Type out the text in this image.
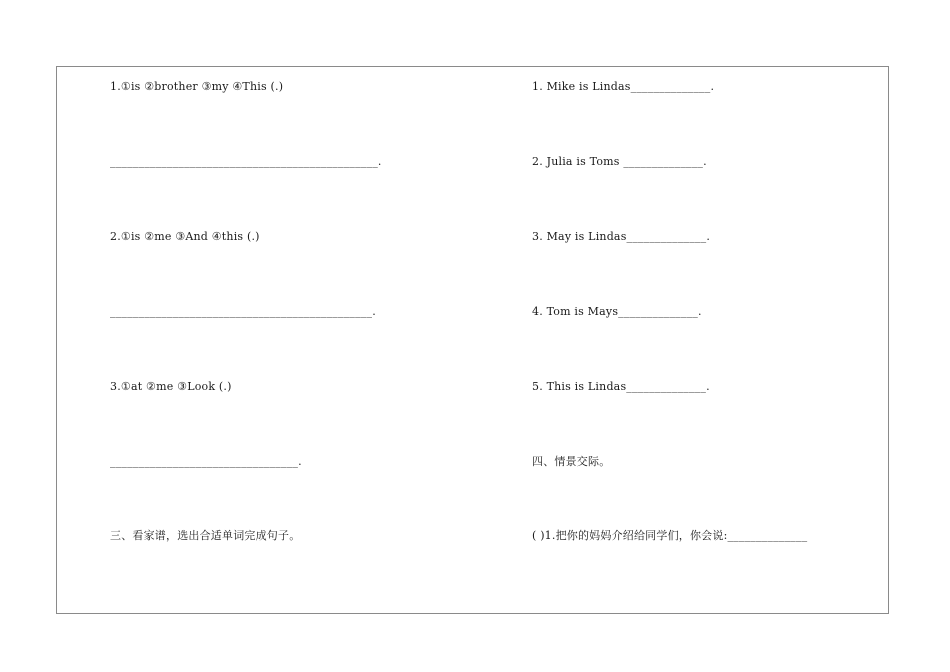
1.①is ②brother ③my ④This (.)
_______________________________________________.
2.①is ②me ③And ④this (.)
______________________________________________.
3.①at ②me ③Look (.)
_________________________________.
三、看家谱，选出合适单词完成句子。
1. Mike is Lindas______________.
2. Julia is Toms ______________.
3. May is Lindas______________.
4. Tom is Mays______________.
5. This is Lindas______________.
四、情景交际。
( )1.把你的妈妈介绍给同学们，你会说:______________
